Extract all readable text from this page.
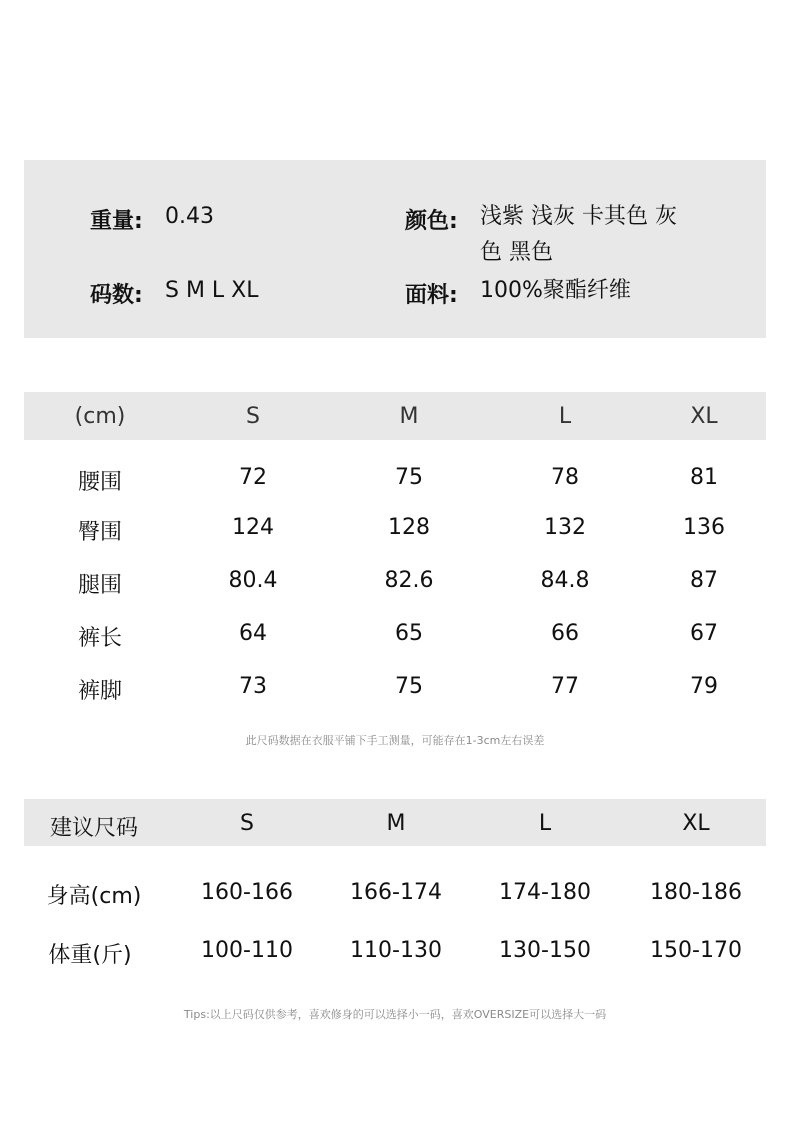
重量: 0.43	颜色: 浅紫 浅灰 卡其色 灰
色 黑色
码数: S M L XL	面料: 100%聚酯纤维
(cm)	S	M	L	XL
腰围	72	75	78	81
臀围	124	128	132	136
腿围	80.4	82.6	84.8	87
裤长	64	65	66	67
裤脚	73	75	77	79
此尺码数据在衣服平铺下手工测量，可能存在1-3cm左右误差
建议尺码	S	M	L	XL
身高(cm)	160-166	166-174	174-180	180-186
体重(斤)	100-110	110-130	130-150	150-170
Tips:以上尺码仅供参考，喜欢修身的可以选择小一码，喜欢OVERSIZE可以选择大一码
